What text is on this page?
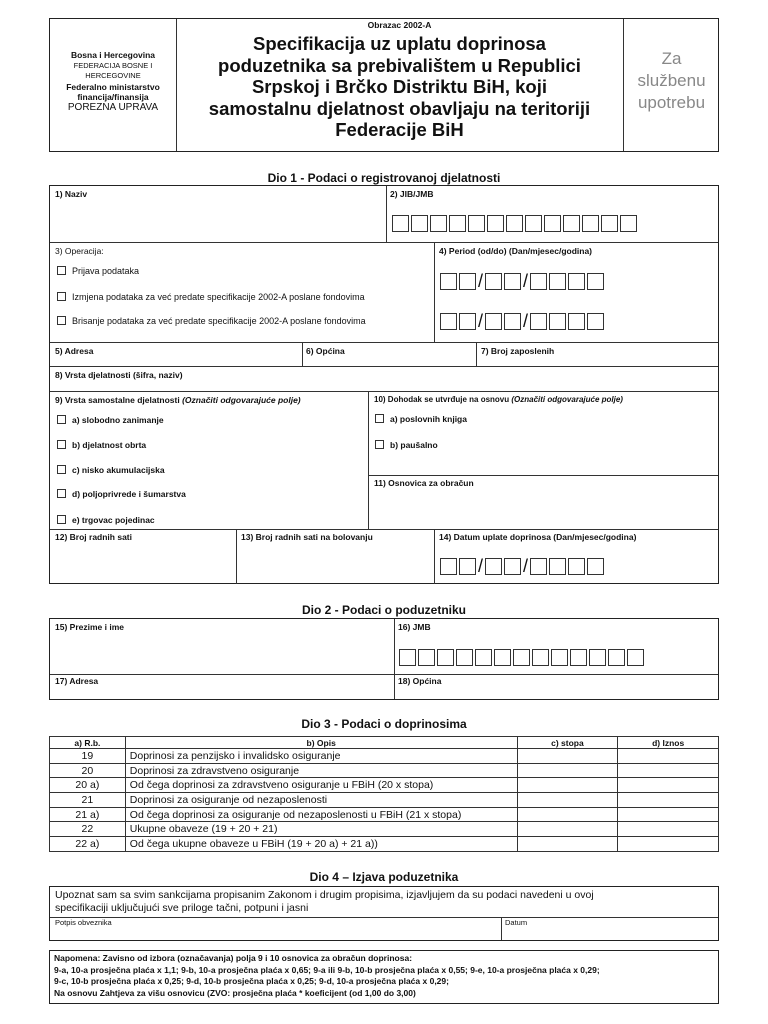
Bosna i Hercegovina
FEDERACIJA BOSNE I
HERCEGOVINE
Federalno ministarstvo
financija/finansija
POREZNA UPRAVA
Obrazac 2002-A
Specifikacija uz uplatu doprinosa
poduzetnika sa prebivalištem u Republici
Srpskoj i Brčko Distriktu BiH, koji
samostalnu djelatnost obavljaju na teritoriji
Federacije BiH
Za
službenu
upotrebu
Dio 1 - Podaci o registrovanoj djelatnosti
1) Naziv	2) JIB/JMB
3) Operacija:
Prijava podataka
Izmjena podataka za već predate specifikacije 2002-A poslane fondovima
Brisanje podataka za već predate specifikacije 2002-A poslane fondovima
4) Period (od/do) (Dan/mjesec/godina)
/ /
/ /
5) Adresa	6) Općina	7) Broj zaposlenih
8) Vrsta djelatnosti (šifra, naziv)
9) Vrsta samostalne djelatnosti (Označiti odgovarajuće polje)
a) slobodno zanimanje
b) djelatnost obrta
c) nisko akumulacijska
d) poljoprivrede i šumarstva
e) trgovac pojedinac
10) Dohodak se utvrđuje na osnovu (Označiti odgovarajuće polje)
a) poslovnih knjiga
b) paušalno
11) Osnovica za obračun
12) Broj radnih sati	13) Broj radnih sati na bolovanju	14) Datum uplate doprinosa (Dan/mjesec/godina)
/ /
Dio 2 - Podaci o poduzetniku
15) Prezime i ime	16) JMB
17) Adresa	18) Općina
Dio 3 - Podaci o doprinosima
a) R.b.	b) Opis	c) stopa	d) Iznos
19	Doprinosi za penzijsko i invalidsko osiguranje		
20	Doprinosi za zdravstveno osiguranje		
20 a)	Od čega doprinosi za zdravstveno osiguranje u FBiH (20 x stopa)		
21	Doprinosi za osiguranje od nezaposlenosti		
21 a)	Od čega doprinosi za osiguranje od nezaposlenosti u FBiH (21 x stopa)		
22	Ukupne obaveze (19 + 20 + 21)		
22 a)	Od čega ukupne obaveze u FBiH (19 + 20 a) + 21 a))		
Dio 4 – Izjava poduzetnika
Upoznat sam sa svim sankcijama propisanim Zakonom i drugim propisima, izjavljujem da su podaci navedeni u ovoj
specifikaciji uključujući sve priloge tačni, potpuni i jasni
Potpis obveznika	Datum
Napomena: Zavisno od izbora (označavanja) polja 9 i 10 osnovica za obračun doprinosa:
9-a, 10-a prosječna plaća x 1,1; 9-b, 10-a prosječna plaća x 0,65; 9-a ili 9-b, 10-b prosječna plaća x 0,55; 9-e, 10-a prosječna plaća x 0,29;
9-c, 10-b prosječna plaća x 0,25; 9-d, 10-b prosječna plaća x 0,25; 9-d, 10-a prosječna plaća x 0,29;
Na osnovu Zahtjeva za višu osnovicu (ZVO: prosječna plaća * koeficijent (od 1,00 do 3,00)
